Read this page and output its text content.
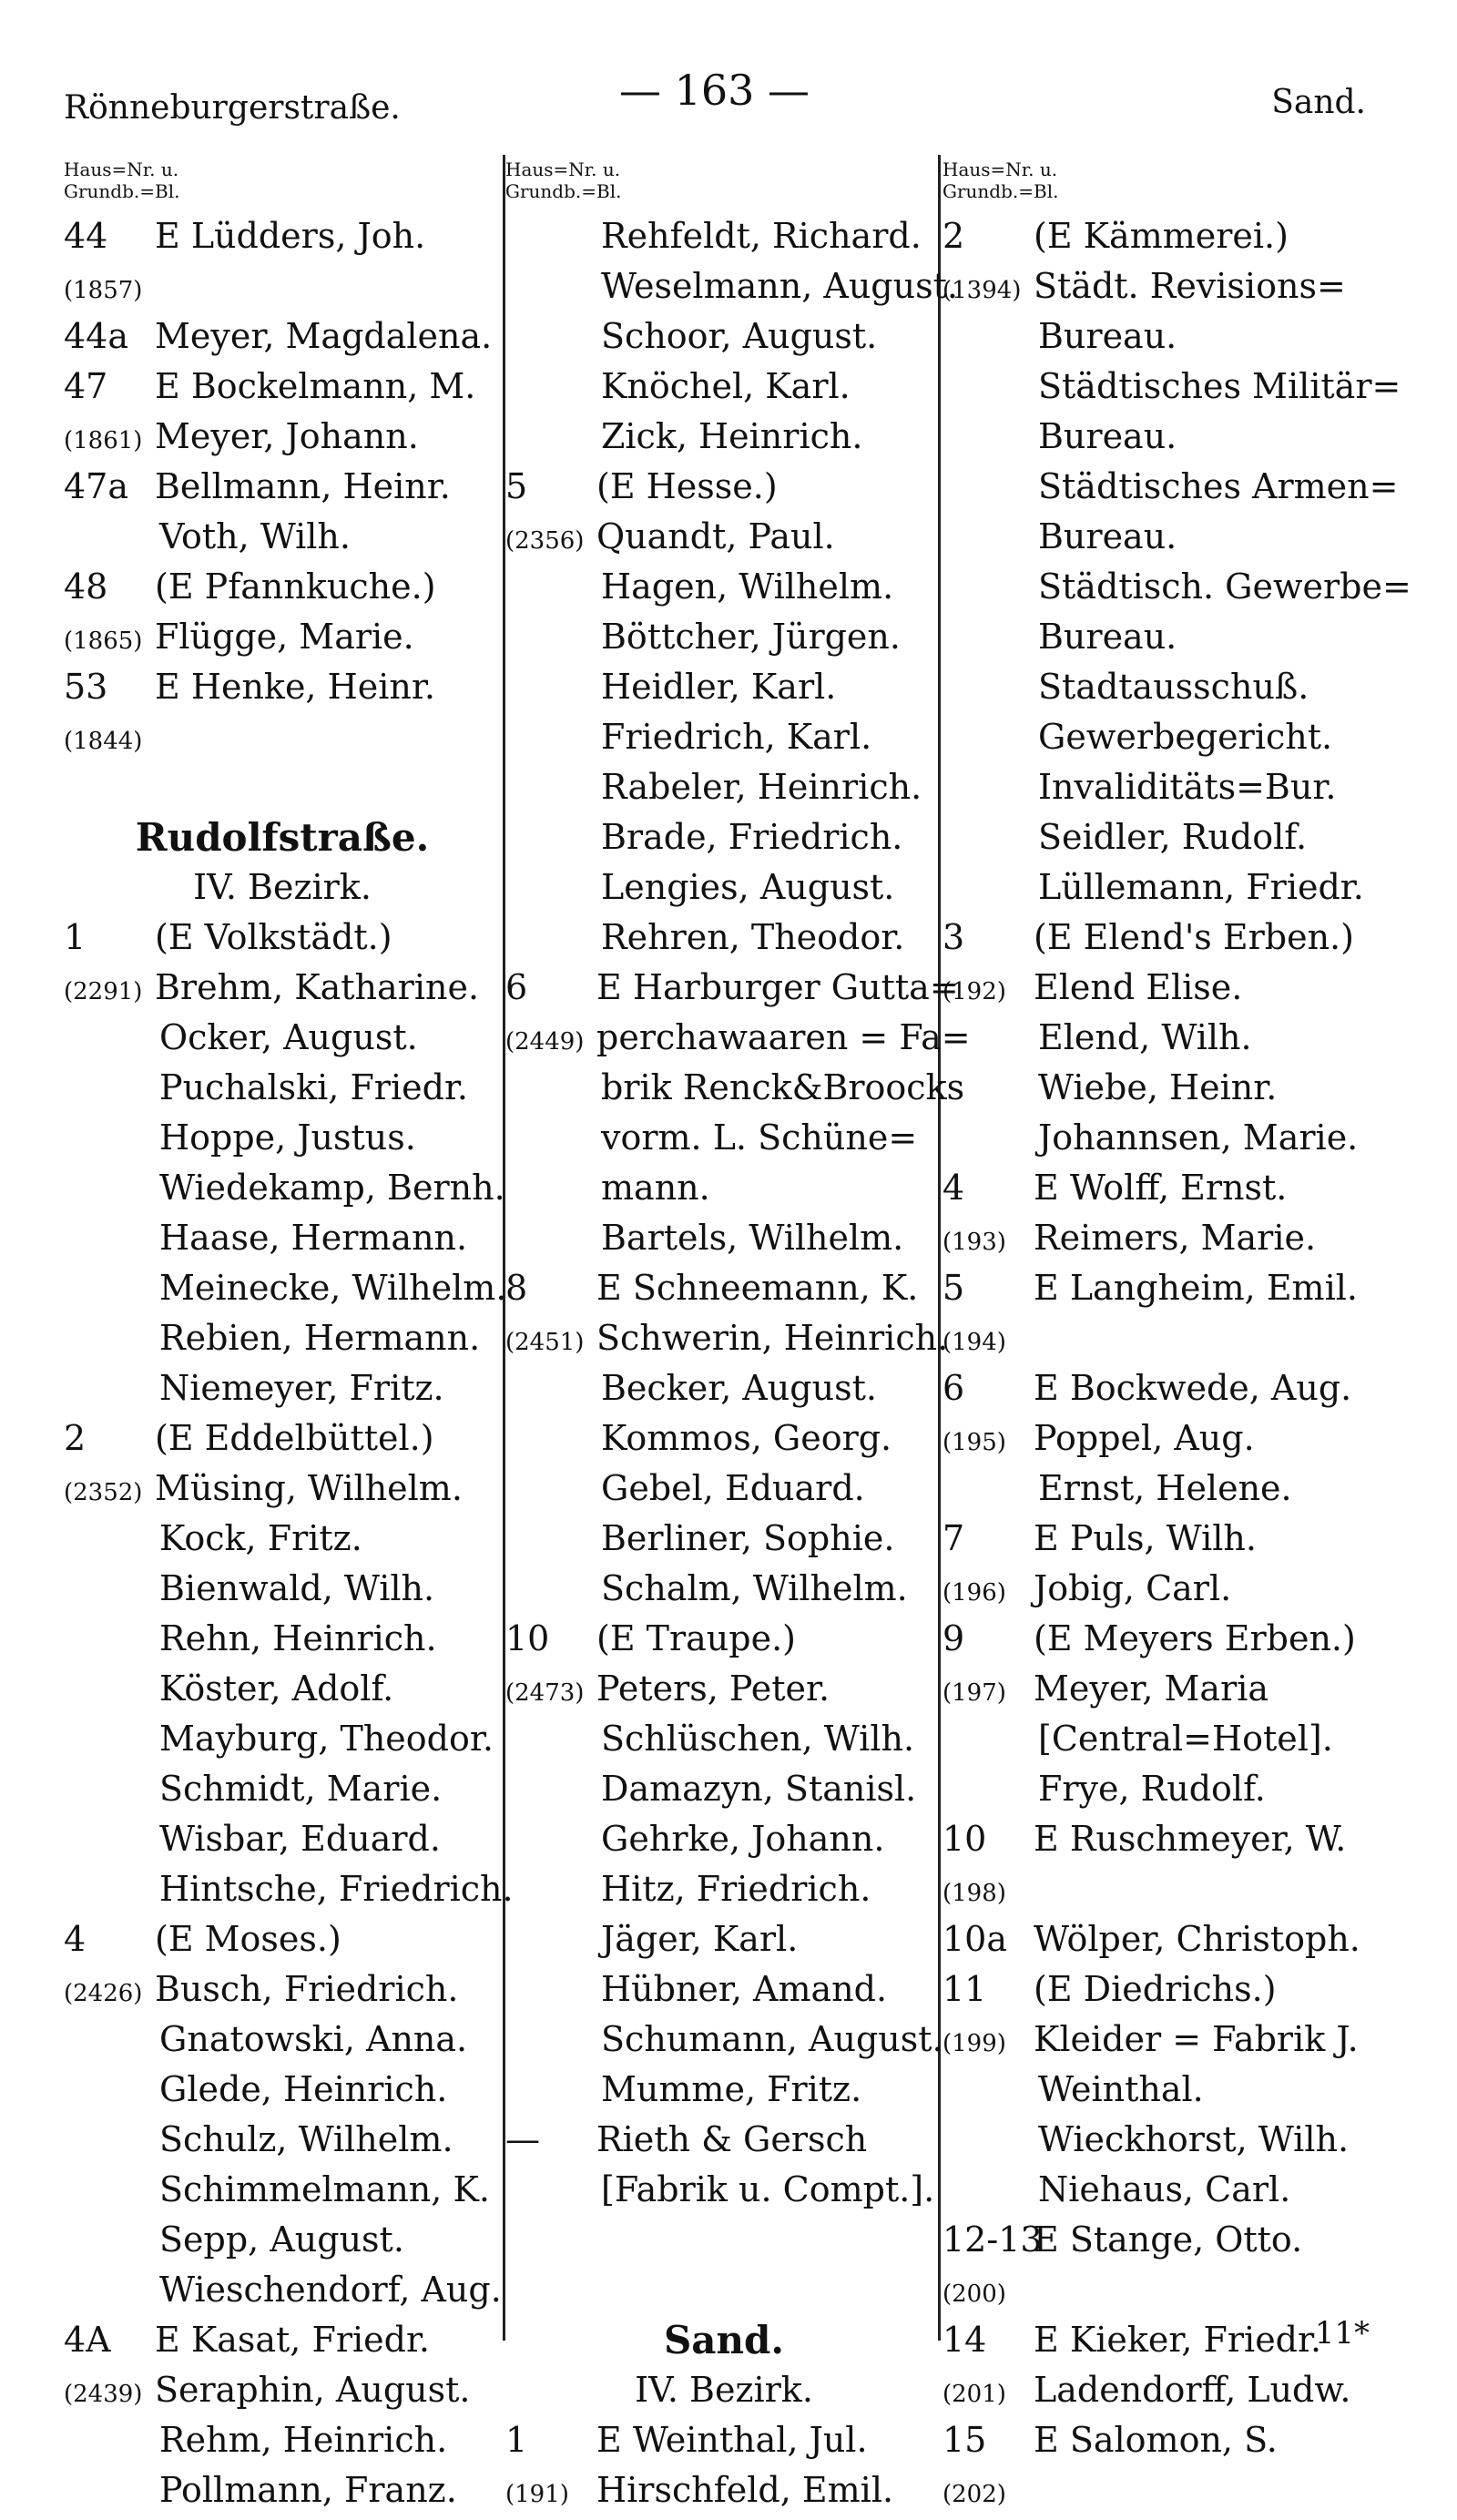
Rönneburgerstraße.	— 163 —	Sand.
Haus=Nr. u.
Grundb.=Bl.
44 E Lüdders, Joh.
(1857)
44a Meyer, Magdalena.
47 E Bockelmann, M.
(1861) Meyer, Johann.
47a Bellmann, Heinr.
Voth, Wilh.
48 (E Pfannkuche.)
(1865) Flügge, Marie.
53 E Henke, Heinr.
(1844)
Rudolfstraße.
IV. Bezirk.
1 (E Volkstädt.)
(2291) Brehm, Katharine.
Ocker, August.
Puchalski, Friedr.
Hoppe, Justus.
Wiedekamp, Bernh.
Haase, Hermann.
Meinecke, Wilhelm.
Rebien, Hermann.
Niemeyer, Fritz.
2 (E Eddelbüttel.)
(2352) Müsing, Wilhelm.
Kock, Fritz.
Bienwald, Wilh.
Rehn, Heinrich.
Köster, Adolf.
Mayburg, Theodor.
Schmidt, Marie.
Wisbar, Eduard.
Hintsche, Friedrich.
4 (E Moses.)
(2426) Busch, Friedrich.
Gnatowski, Anna.
Glede, Heinrich.
Schulz, Wilhelm.
Schimmelmann, K.
Sepp, August.
Wieschendorf, Aug.
4A E Kasat, Friedr.
(2439) Seraphin, August.
Rehm, Heinrich.
Pollmann, Franz.
Haus=Nr. u.
Grundb.=Bl.
Rehfeldt, Richard.
Weselmann, August.
Schoor, August.
Knöchel, Karl.
Zick, Heinrich.
5 (E Hesse.)
(2356) Quandt, Paul.
Hagen, Wilhelm.
Böttcher, Jürgen.
Heidler, Karl.
Friedrich, Karl.
Rabeler, Heinrich.
Brade, Friedrich.
Lengies, August.
Rehren, Theodor.
6 E Harburger Gutta=
(2449) perchawaaren = Fa=
brik Renck&Broocks
vorm. L. Schüne=
mann.
Bartels, Wilhelm.
8 E Schneemann, K.
(2451) Schwerin, Heinrich.
Becker, August.
Kommos, Georg.
Gebel, Eduard.
Berliner, Sophie.
Schalm, Wilhelm.
10 (E Traupe.)
(2473) Peters, Peter.
Schlüschen, Wilh.
Damazyn, Stanisl.
Gehrke, Johann.
Hitz, Friedrich.
Jäger, Karl.
Hübner, Amand.
Schumann, August.
Mumme, Fritz.
— Rieth & Gersch
[Fabrik u. Compt.].
Sand.
IV. Bezirk.
1 E Weinthal, Jul.
(191) Hirschfeld, Emil.
Haus=Nr. u.
Grundb.=Bl.
2 (E Kämmerei.)
(1394) Städt. Revisions=
Bureau.
Städtisches Militär=
Bureau.
Städtisches Armen=
Bureau.
Städtisch. Gewerbe=
Bureau.
Stadtausschuß.
Gewerbegericht.
Invaliditäts=Bur.
Seidler, Rudolf.
Lüllemann, Friedr.
3 (E Elend's Erben.)
(192) Elend Elise.
Elend, Wilh.
Wiebe, Heinr.
Johannsen, Marie.
4 E Wolff, Ernst.
(193) Reimers, Marie.
5 E Langheim, Emil.
(194)
6 E Bockwede, Aug.
(195) Poppel, Aug.
Ernst, Helene.
7 E Puls, Wilh.
(196) Jobig, Carl.
9 (E Meyers Erben.)
(197) Meyer, Maria
[Central=Hotel].
Frye, Rudolf.
10 E Ruschmeyer, W.
(198)
10a Wölper, Christoph.
11 (E Diedrichs.)
(199) Kleider = Fabrik J.
Weinthal.
Wieckhorst, Wilh.
Niehaus, Carl.
12-13E Stange, Otto.
(200)
14 E Kieker, Friedr.
(201) Ladendorff, Ludw.
15 E Salomon, S.
(202)
11*
